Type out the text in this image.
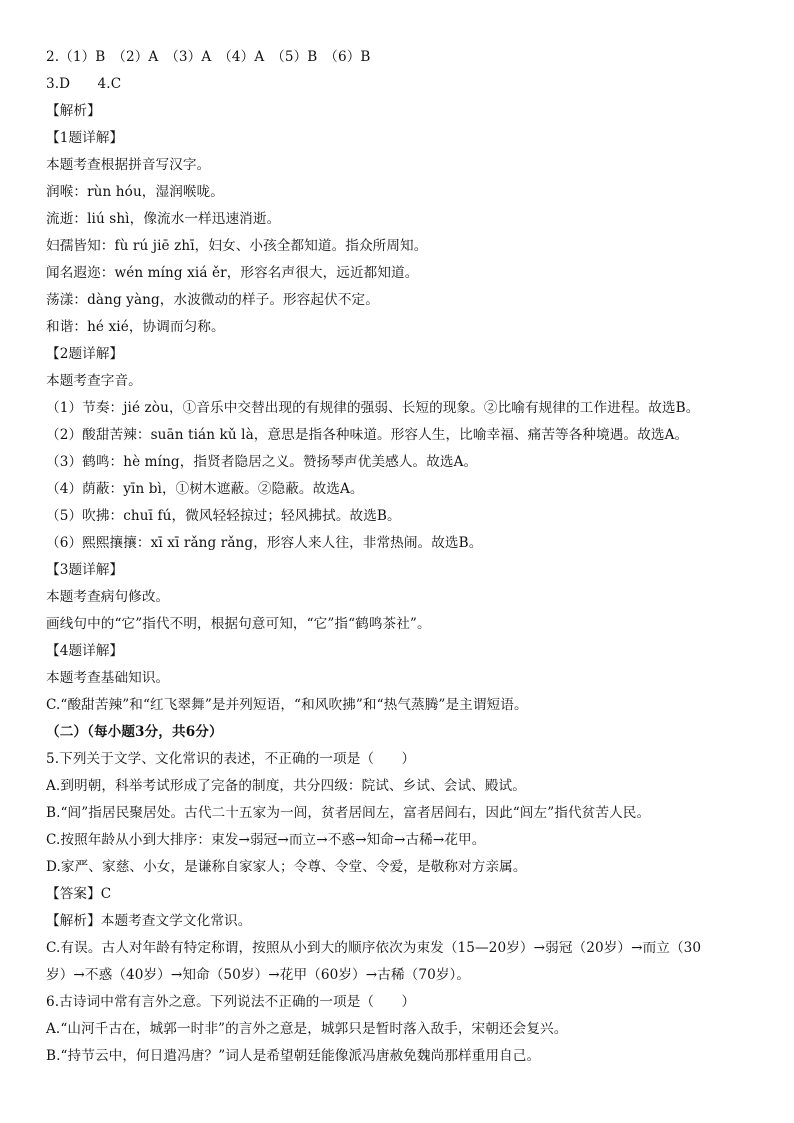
2.（1）B　（2）A　（3）A　（4）A　（5）B　（6）B
3.D　　4.C
【解析】
【1题详解】
本题考查根据拼音写汉字。
润喉：rùn hóu，湿润喉咙。
流逝：liú shì，像流水一样迅速消逝。
妇孺皆知：fù rú jiē zhī，妇女、小孩全都知道。指众所周知。
闻名遐迩：wén míng xiá ěr，形容名声很大，远近都知道。
荡漾：dàng yàng，水波微动的样子。形容起伏不定。
和谐：hé xié，协调而匀称。
【2题详解】
本题考查字音。
（1）节奏：jié zòu，①音乐中交替出现的有规律的强弱、长短的现象。②比喻有规律的工作进程。故选B。
（2）酸甜苦辣：suān tián kǔ là，意思是指各种味道。形容人生，比喻幸福、痛苦等各种境遇。故选A。
（3）鹤鸣：hè míng，指贤者隐居之义。赞扬琴声优美感人。故选A。
（4）荫蔽：yīn bì，①树木遮蔽。②隐蔽。故选A。
（5）吹拂：chuī fú，微风轻轻掠过；轻风拂拭。故选B。
（6）熙熙攘攘：xī xī rǎng rǎng，形容人来人往，非常热闹。故选B。
【3题详解】
本题考查病句修改。
画线句中的“它”指代不明，根据句意可知，“它”指“鹤鸣茶社”。
【4题详解】
本题考查基础知识。
C.“酸甜苦辣”和“红飞翠舞”是并列短语，“和风吹拂”和“热气蒸腾”是主谓短语。
（二）（每小题3分，共6分）
5.下列关于文学、文化常识的表述，不正确的一项是（　　）
A.到明朝，科举考试形成了完备的制度，共分四级：院试、乡试、会试、殿试。
B.“闾”指居民聚居处。古代二十五家为一闾，贫者居闾左，富者居闾右，因此“闾左”指代贫苦人民。
C.按照年龄从小到大排序：束发→弱冠→而立→不惑→知命→古稀→花甲。
D.家严、家慈、小女，是谦称自家家人；令尊、令堂、令爱，是敬称对方亲属。
【答案】C
【解析】本题考查文学文化常识。
C.有误。古人对年龄有特定称谓，按照从小到大的顺序依次为束发（15—20岁）→弱冠（20岁）→而立（30
岁）→不惑（40岁）→知命（50岁）→花甲（60岁）→古稀（70岁）。
6.古诗词中常有言外之意。下列说法不正确的一项是（　　）
A.“山河千古在，城郭一时非”的言外之意是，城郭只是暂时落入敌手，宋朝还会复兴。
B.“持节云中，何日遣冯唐？”词人是希望朝廷能像派冯唐赦免魏尚那样重用自己。
